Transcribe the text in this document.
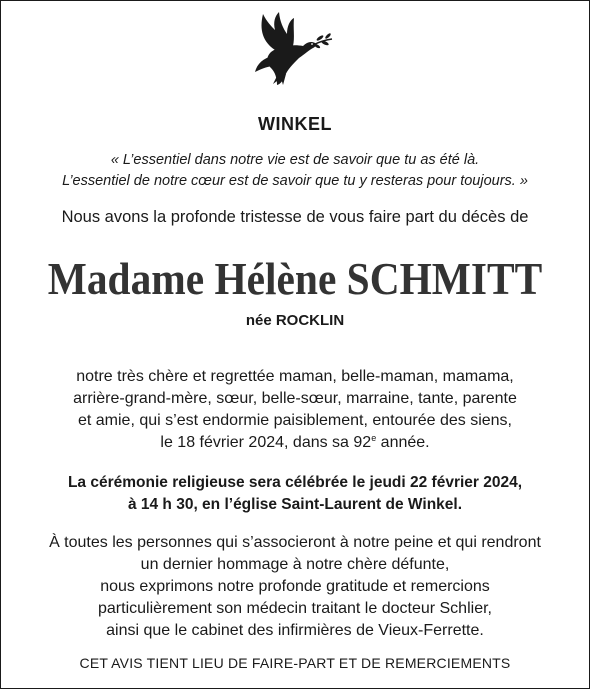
WINKEL
« L’essentiel dans notre vie est de savoir que tu as été là.
L’essentiel de notre cœur est de savoir que tu y resteras pour toujours. »
Nous avons la profonde tristesse de vous faire part du décès de
Madame Hélène SCHMITT
née ROCKLIN
notre très chère et regrettée maman, belle-maman, mamama,
arrière-grand-mère, sœur, belle-sœur, marraine, tante, parente
et amie, qui s’est endormie paisiblement, entourée des siens,
le 18 février 2024, dans sa 92e année.
La cérémonie religieuse sera célébrée le jeudi 22 février 2024,
à 14 h 30, en l’église Saint-Laurent de Winkel.
À toutes les personnes qui s’associeront à notre peine et qui rendront
un dernier hommage à notre chère défunte,
nous exprimons notre profonde gratitude et remercions
particulièrement son médecin traitant le docteur Schlier,
ainsi que le cabinet des infirmières de Vieux-Ferrette.
CET AVIS TIENT LIEU DE FAIRE-PART ET DE REMERCIEMENTS
